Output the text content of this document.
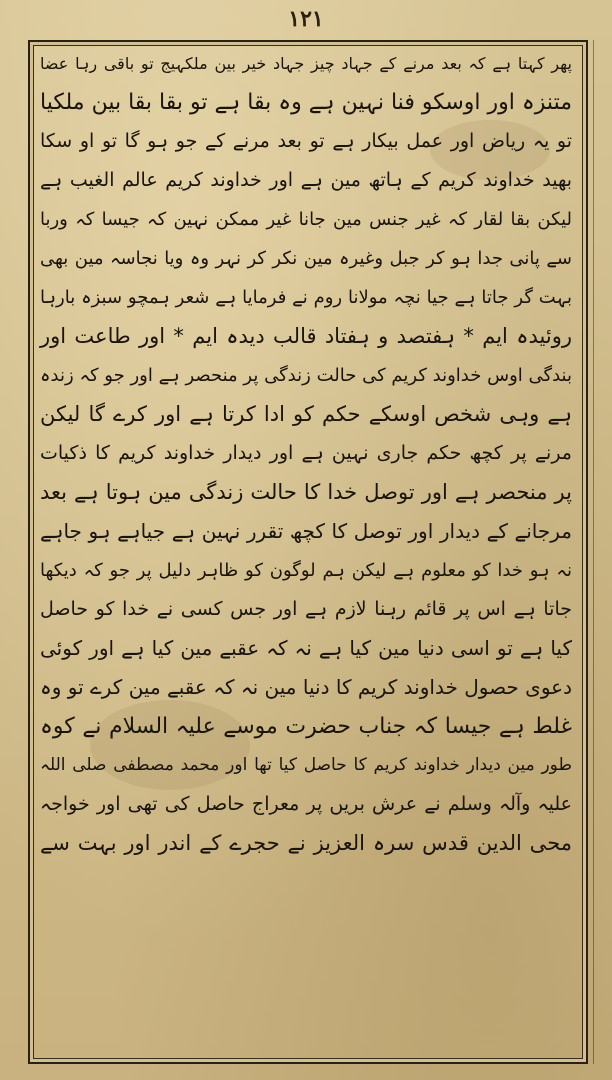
۱۲۱
پھر کہتا ہے کہ بعد مرنے کے جہاد چیز جہاد خیر بین ملکہیج تو باقی رہا عضا
متنزہ اور اوسکو فنا نہین ہے وہ بقا ہے تو بقا بقا بین ملکیا
تو یہ ریاض اور عمل بیکار ہے تو بعد مرنے کے جو ہو گا تو او سکا
بھید خداوند کریم کے ہاتھ مین ہے اور خداوند کریم عالم الغیب ہے
لیکن بقا لقار کہ غیر جنس مین جانا غیر ممکن نہین کہ جیسا کہ وربا
سے پانی جدا ہو کر جبل وغیرہ مین نکر کر نہر وہ ویا نجاسہ مین بھی
بہت گر جاتا ہے جیا نچہ مولانا روم نے فرمایا ہے شعر ہمچو سبزہ بارہا
روئیدہ ایم * ہفتصد و ہفتاد قالب دیدہ ایم * اور طاعت اور
بندگی اوس خداوند کریم کی حالت زندگی پر منحصر ہے اور جو کہ زندہ
ہے وہی شخص اوسکے حکم کو ادا کرتا ہے اور کرے گا لیکن
مرنے پر کچھ حکم جاری نہین ہے اور دیدار خداوند کریم کا ذکیات
پر منحصر ہے اور توصل خدا کا حالت زندگی مین ہوتا ہے بعد
مرجانے کے دیدار اور توصل کا کچھ تقرر نہین ہے جیاہے ہو جاہے
نہ ہو خدا کو معلوم ہے لیکن ہم لوگون کو ظاہر دلیل پر جو کہ دیکھا
جاتا ہے اس پر قائم رہنا لازم ہے اور جس کسی نے خدا کو حاصل
کیا ہے تو اسی دنیا مین کیا ہے نہ کہ عقبے مین کیا ہے اور کوئی
دعوی حصول خداوند کریم کا دنیا مین نہ کہ عقبے مین کرے تو وہ
غلط ہے جیسا کہ جناب حضرت موسے علیہ السلام نے کوہ
طور مین دیدار خداوند کریم کا حاصل کیا تھا اور محمد مصطفی صلی اللہ
علیہ وآلہ وسلم نے عرش بریں پر معراج حاصل کی تھی اور خواجہ
محی الدین قدس سرہ العزیز نے حجرے کے اندر اور بہت سے
